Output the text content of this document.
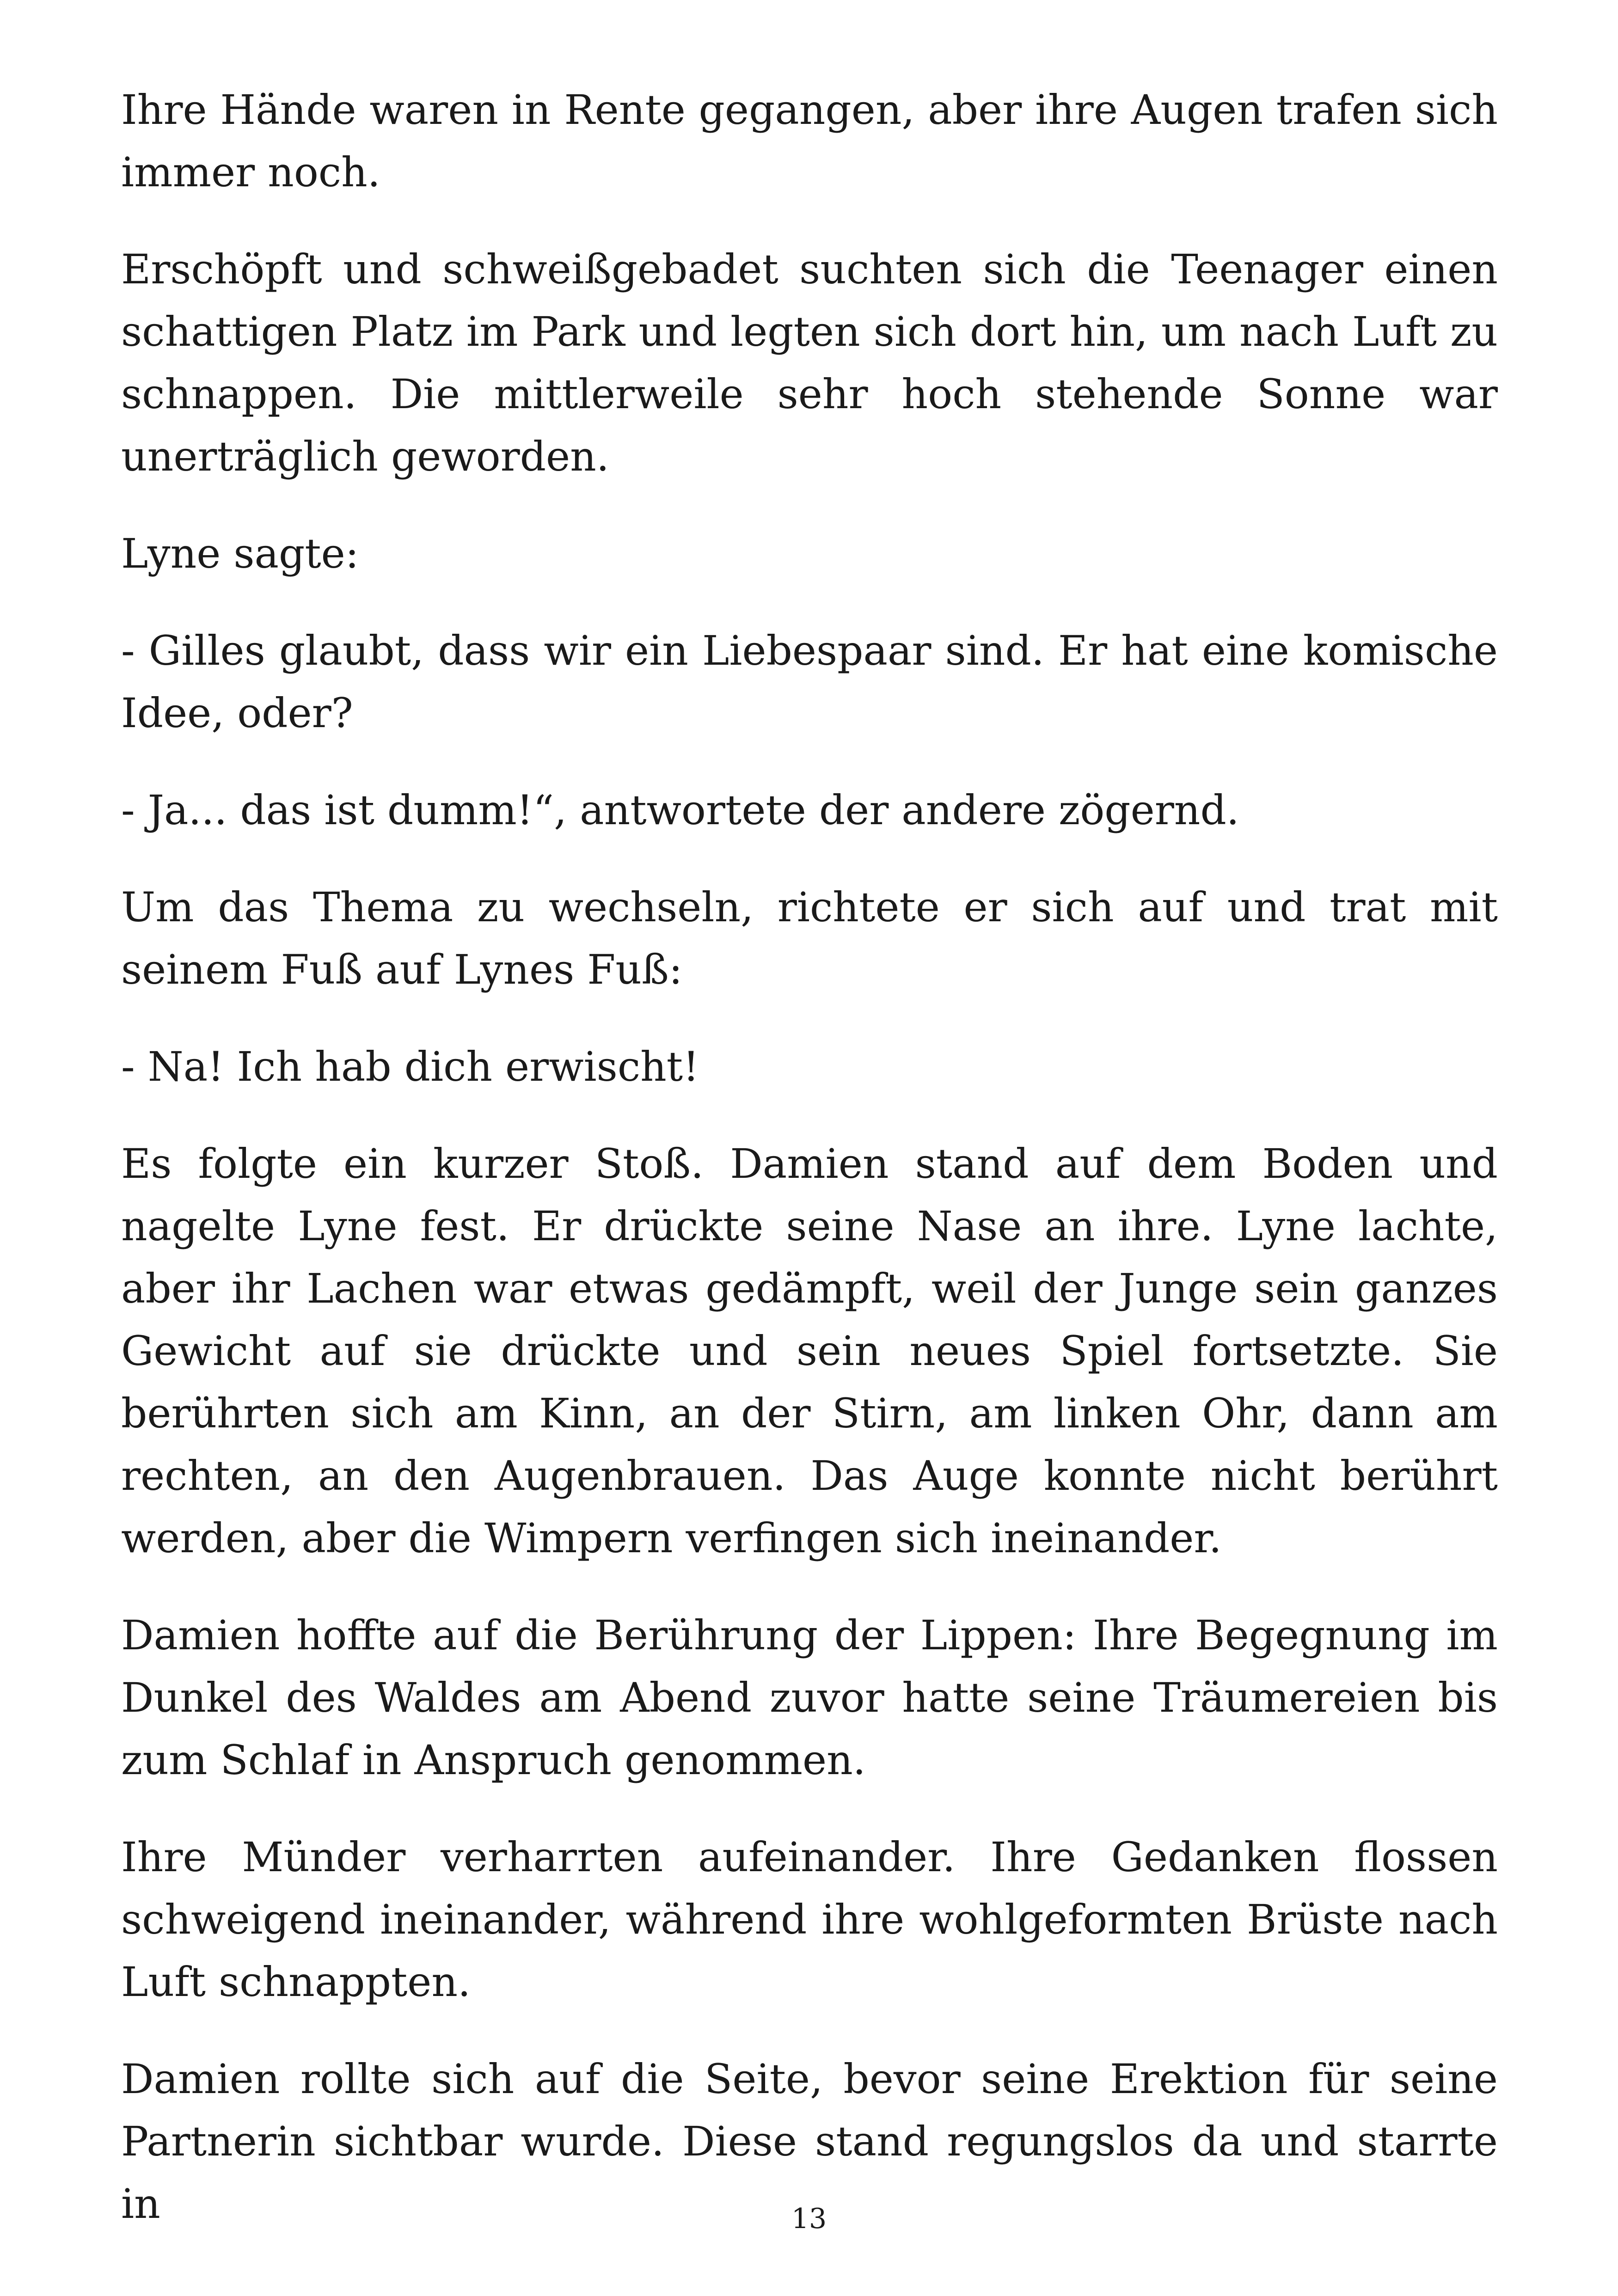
Ihre Hände waren in Rente gegangen, aber ihre Augen trafen sich immer noch.

Erschöpft und schweißgebadet suchten sich die Teenager einen schattigen Platz im Park und legten sich dort hin, um nach Luft zu schnappen. Die mittlerweile sehr hoch stehende Sonne war unerträglich geworden.

Lyne sagte:

- Gilles glaubt, dass wir ein Liebespaar sind. Er hat eine komische Idee, oder?

- Ja... das ist dumm!“, antwortete der andere zögernd.

Um das Thema zu wechseln, richtete er sich auf und trat mit seinem Fuß auf Lynes Fuß:

- Na! Ich hab dich erwischt!

Es folgte ein kurzer Stoß. Damien stand auf dem Boden und nagelte Lyne fest. Er drückte seine Nase an ihre. Lyne lachte, aber ihr Lachen war etwas gedämpft, weil der Junge sein ganzes Gewicht auf sie drückte und sein neues Spiel fortsetzte. Sie berührten sich am Kinn, an der Stirn, am linken Ohr, dann am rechten, an den Augenbrauen. Das Auge konnte nicht berührt werden, aber die Wimpern verfingen sich ineinander.

Damien hoffte auf die Berührung der Lippen: Ihre Begegnung im Dunkel des Waldes am Abend zuvor hatte seine Träumereien bis zum Schlaf in Anspruch genommen.

Ihre Münder verharrten aufeinander. Ihre Gedanken flossen schweigend ineinander, während ihre wohlgeformten Brüste nach Luft schnappten.

Damien rollte sich auf die Seite, bevor seine Erektion für seine Partnerin sichtbar wurde. Diese stand regungslos da und starrte in	13
